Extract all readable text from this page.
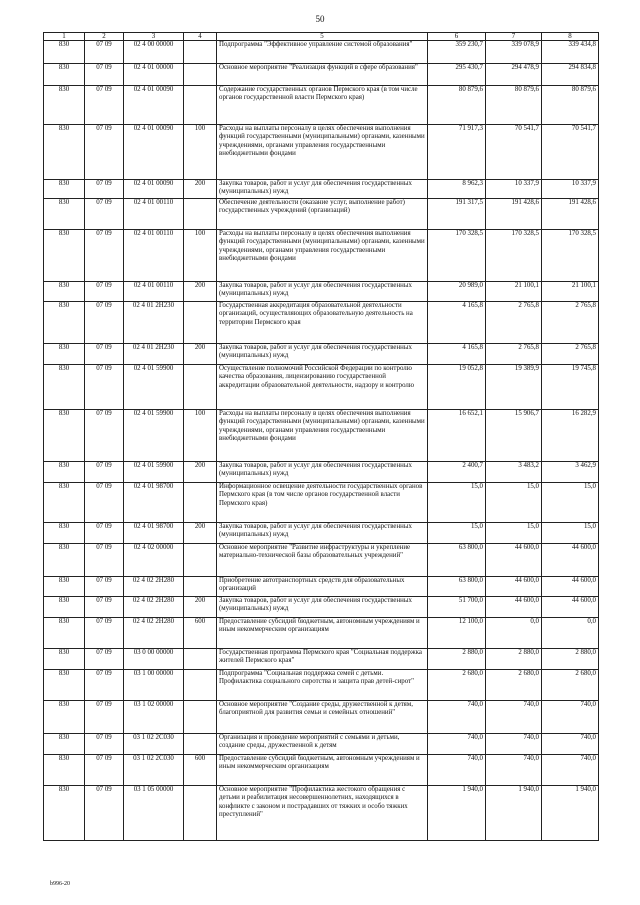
50
1	2	3	4	5	6	7	8
830	07 09	02 4 00 00000		Подпрограмма "Эффективное управление системой образования"	359 230,7	339 078,9	339 434,8
830	07 09	02 4 01 00000		Основное мероприятие "Реализация функций в сфере образования"	295 430,7	294 478,9	294 834,8
830	07 09	02 4 01 00090		Содержание государственных органов Пермского края (в том числе органов государственной власти Пермского края)	80 879,6	80 879,6	80 879,6
830	07 09	02 4 01 00090	100	Расходы на выплаты персоналу в целях обеспечения выполнения функций государственными (муниципальными) органами, казенными учреждениями, органами управления государственными внебюджетными фондами	71 917,3	70 541,7	70 541,7
830	07 09	02 4 01 00090	200	Закупка товаров, работ и услуг для обеспечения государственных (муниципальных) нужд	8 962,3	10 337,9	10 337,9
830	07 09	02 4 01 00110		Обеспечение деятельности (оказание услуг, выполнение работ) государственных учреждений (организаций)	191 317,5	191 428,6	191 428,6
830	07 09	02 4 01 00110	100	Расходы на выплаты персоналу в целях обеспечения выполнения функций государственными (муниципальными) органами, казенными учреждениями, органами управления государственными внебюджетными фондами	170 328,5	170 328,5	170 328,5
830	07 09	02 4 01 00110	200	Закупка товаров, работ и услуг для обеспечения государственных (муниципальных) нужд	20 989,0	21 100,1	21 100,1
830	07 09	02 4 01 2Н230		Государственная аккредитация образовательной деятельности организаций, осуществляющих образовательную деятельность на территории Пермского края	4 165,8	2 765,8	2 765,8
830	07 09	02 4 01 2Н230	200	Закупка товаров, работ и услуг для обеспечения государственных (муниципальных) нужд	4 165,8	2 765,8	2 765,8
830	07 09	02 4 01 59900		Осуществление полномочий Российской Федерации по контролю качества образования, лицензированию государственной аккредитации образовательной деятельности, надзору и контролю	19 052,8	19 389,9	19 745,8
830	07 09	02 4 01 59900	100	Расходы на выплаты персоналу в целях обеспечения выполнения функций государственными (муниципальными) органами, казенными учреждениями, органами управления государственными внебюджетными фондами	16 652,1	15 906,7	16 282,9
830	07 09	02 4 01 59900	200	Закупка товаров, работ и услуг для обеспечения государственных (муниципальных) нужд	2 400,7	3 483,2	3 462,9
830	07 09	02 4 01 98700		Информационное освещение деятельности государственных органов Пермского края (в том числе органов государственной власти Пермского края)	15,0	15,0	15,0
830	07 09	02 4 01 98700	200	Закупка товаров, работ и услуг для обеспечения государственных (муниципальных) нужд	15,0	15,0	15,0
830	07 09	02 4 02 00000		Основное мероприятие "Развитие инфраструктуры и укрепление материально-технической базы образовательных учреждений"	63 800,0	44 600,0	44 600,0
830	07 09	02 4 02 2Н280		Приобретение автотранспортных средств для образовательных организаций	63 800,0	44 600,0	44 600,0
830	07 09	02 4 02 2Н280	200	Закупка товаров, работ и услуг для обеспечения государственных (муниципальных) нужд	51 700,0	44 600,0	44 600,0
830	07 09	02 4 02 2Н280	600	Предоставление субсидий бюджетным, автономным учреждениям и иным некоммерческим организациям	12 100,0	0,0	0,0
830	07 09	03 0 00 00000		Государственная программа Пермского края "Социальная поддержка жителей Пермского края"	2 880,0	2 880,0	2 880,0
830	07 09	03 1 00 00000		Подпрограмма "Социальная поддержка семей с детьми. Профилактика социального сиротства и защита прав детей-сирот"	2 680,0	2 680,0	2 680,0
830	07 09	03 1 02 00000		Основное мероприятие "Создание среды, дружественной к детям, благоприятной для развития семьи и семейных отношений"	740,0	740,0	740,0
830	07 09	03 1 02 2С030		Организация и проведение мероприятий с семьями и детьми, создание среды, дружественной к детям	740,0	740,0	740,0
830	07 09	03 1 02 2С030	600	Предоставление субсидий бюджетным, автономным учреждениям и иным некоммерческим организациям	740,0	740,0	740,0
830	07 09	03 1 05 00000		Основное мероприятие "Профилактика жестокого обращения с детьми и реабилитация несовершеннолетних, находящихся в конфликте с законом и пострадавших от тяжких и особо тяжких преступлений"	1 940,0	1 940,0	1 940,0
b996-20
